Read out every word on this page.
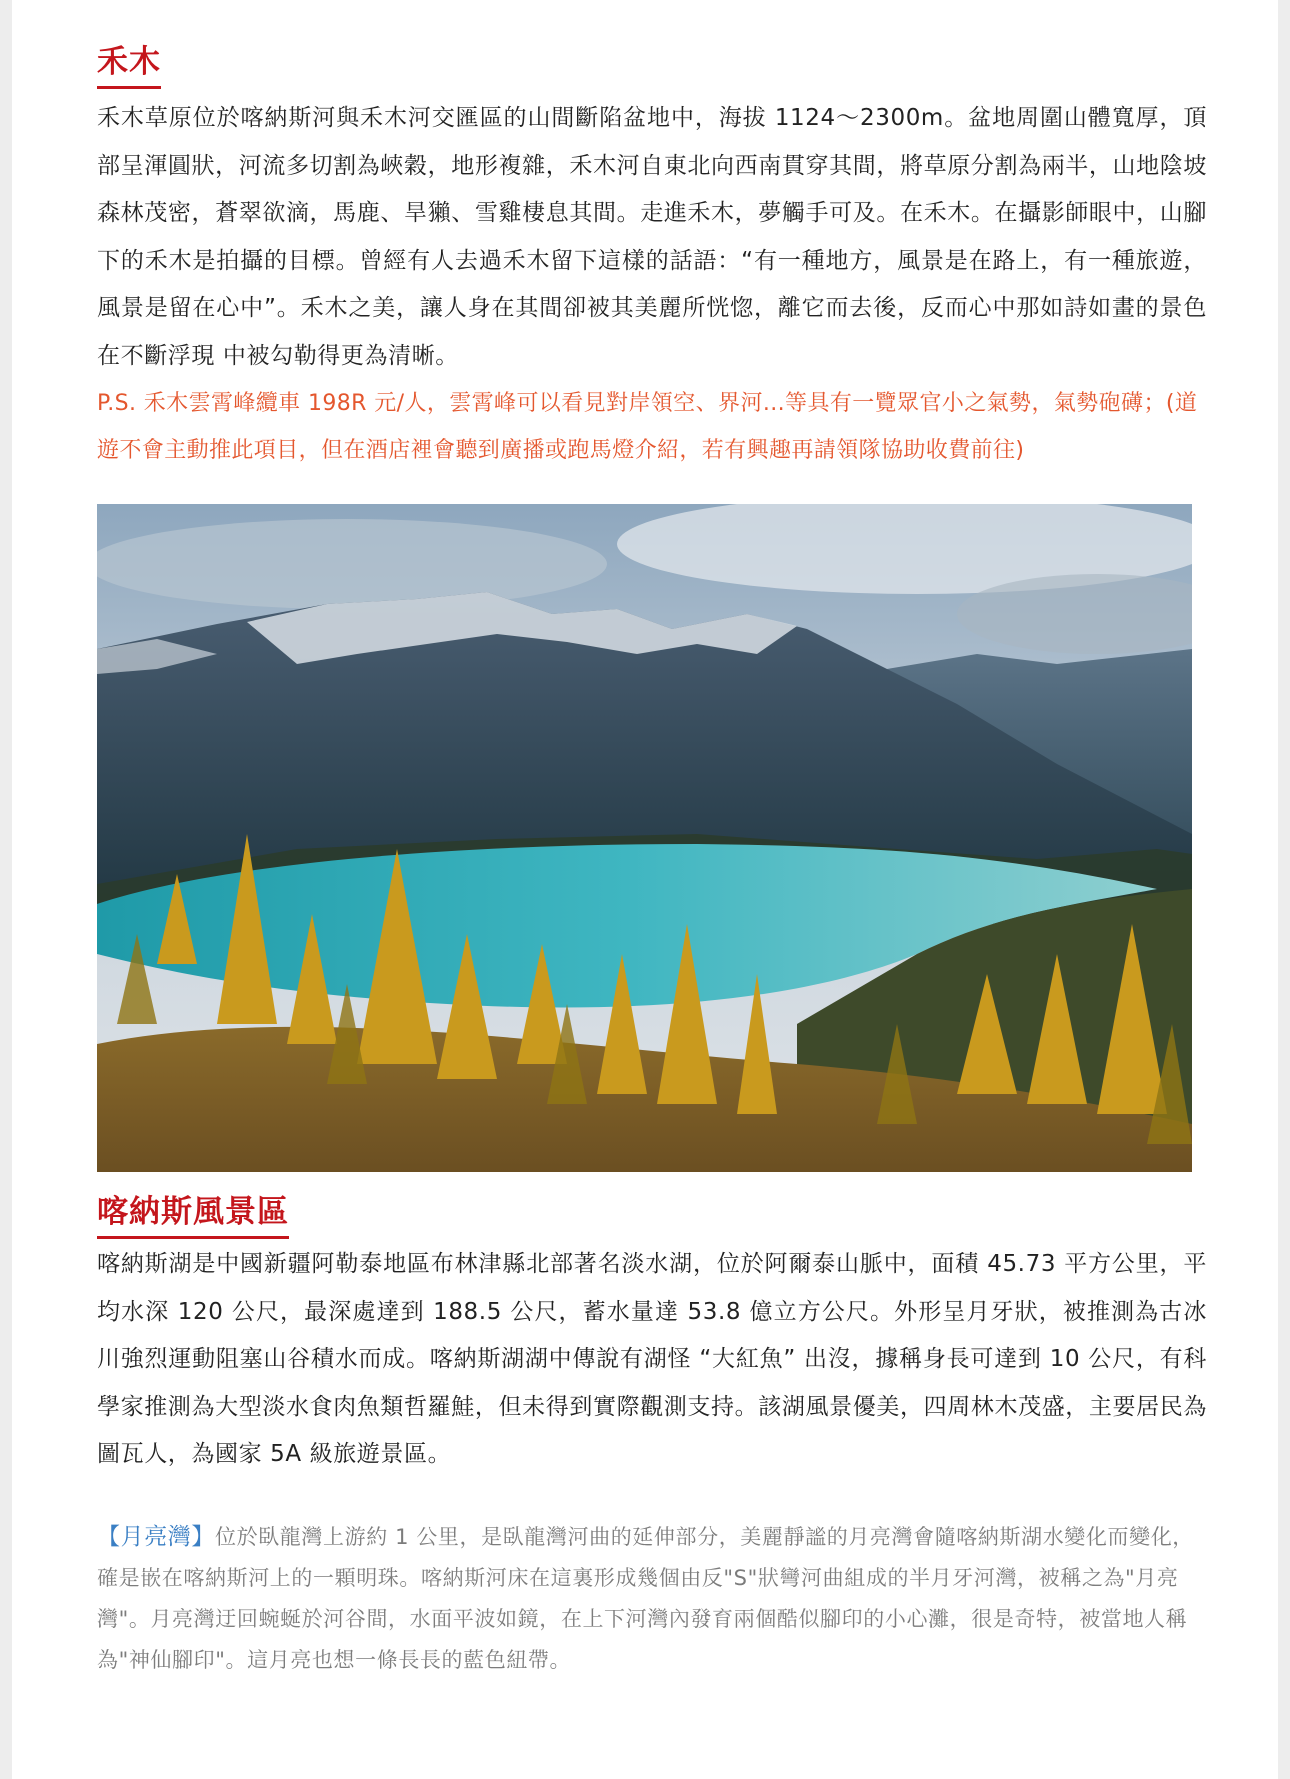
禾木

禾木草原位於喀納斯河與禾木河交匯區的山間斷陷盆地中，海拔 1124～2300m。盆地周圍山體寬厚，頂部呈渾圓狀，河流多切割為峽穀，地形複雜，禾木河自東北向西南貫穿其間，將草原分割為兩半，山地陰坡森林茂密，蒼翠欲滴，馬鹿、旱獺、雪雞棲息其間。走進禾木，夢觸手可及。在禾木。在攝影師眼中，山腳下的禾木是拍攝的目標。曾經有人去過禾木留下這樣的話語：“有一種地方，風景是在路上，有一種旅遊，風景是留在心中”。禾木之美，讓人身在其間卻被其美麗所恍惚，離它而去後，反而心中那如詩如畫的景色在不斷浮現 中被勾勒得更為清晰。

P.S. 禾木雲霄峰纜車 198R 元/人，雲霄峰可以看見對岸領空、界河...等具有一覽眾官小之氣勢，氣勢砲礡；(道遊不會主動推此項目，但在酒店裡會聽到廣播或跑馬燈介紹，若有興趣再請領隊協助收費前往)

喀納斯風景區

喀納斯湖是中國新疆阿勒泰地區布林津縣北部著名淡水湖，位於阿爾泰山脈中，面積 45.73 平方公里，平均水深 120 公尺，最深處達到 188.5 公尺，蓄水量達 53.8 億立方公尺。外形呈月牙狀，被推測為古冰川強烈運動阻塞山谷積水而成。喀納斯湖湖中傳說有湖怪 “大紅魚” 出沒，據稱身長可達到 10 公尺，有科學家推測為大型淡水食肉魚類哲羅鮭，但未得到實際觀測支持。該湖風景優美，四周林木茂盛，主要居民為圖瓦人，為國家 5A 級旅遊景區。

【月亮灣】位於臥龍灣上游約 1 公里，是臥龍灣河曲的延伸部分，美麗靜謐的月亮灣會隨喀納斯湖水變化而變化，確是嵌在喀納斯河上的一顆明珠。喀納斯河床在這裏形成幾個由反"S"狀彎河曲組成的半月牙河灣，被稱之為"月亮灣"。月亮灣迂回蜿蜒於河谷間，水面平波如鏡，在上下河灣內發育兩個酷似腳印的小心灘，很是奇特，被當地人稱為"神仙腳印"。這月亮也想一條長長的藍色紐帶。
